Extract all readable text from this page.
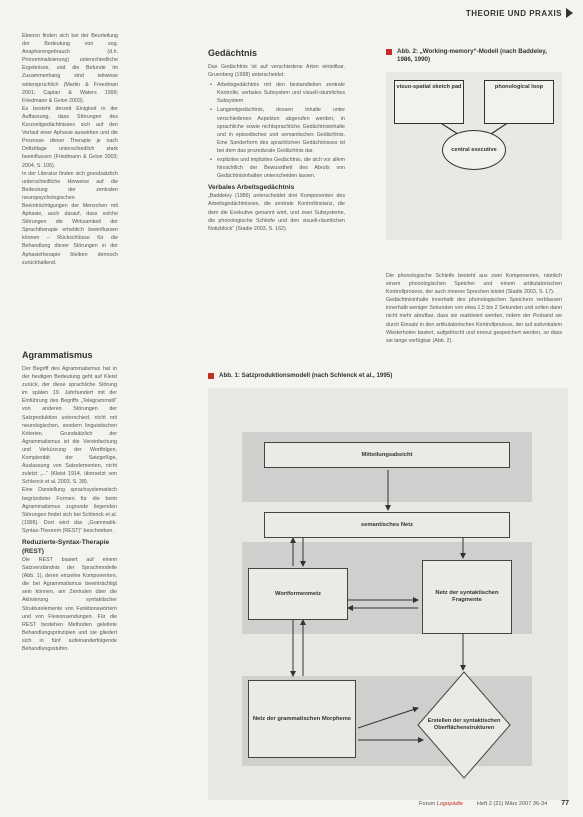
THEORIE UND PRAXIS

Ebenso finden sich bei der Beurteilung der Bedeutung von sog. Anaphorengebrauch (d.h. Pronominalisierung) unterschiedliche Ergebnisse, und die Befunde im Zusammenhang sind teilweise widersprüchlich (Martin & Freedman 2001; Caplan & Waters 1999; Friedmann & Gvion 2003).

Es besteht derzeit Einigkeit in der Auffassung, dass Störungen des Kurzzeitgedächtnisses sich auf den Verlauf einer Aphasie auswirken und die Prozesse dieser Therapie je nach Defizitlage unterschiedlich stark beeinflussen (Friedmann & Gvion 2003; 2004, S. 105).

In der Literatur finden sich grundsätzlich unterschiedliche Hinweise auf die Bedeutung der zentralen neuropsychologischen Beeinträchtigungen der Menschen mit Aphasie, auch darauf, dass solche Störungen die Wirksamkeit der Sprachtherapie erheblich beeinflussen können – Rückschlüsse für die Behandlung dieser Störungen in der Aphasietherapie bleiben dennoch zurückhaltend.

Agrammatismus

Der Begriff des Agrammatismus hat in der heutigen Bedeutung geht auf Kleist zurück, der diese sprachliche Störung im späten 19. Jahrhundert mit der Einführung des Begriffs „Telegrammstil“ von anderen Störungen der Satzproduktion unterschied, nicht mit neurologischen, sondern linguistischen Kriterien. Grundsätzlich der Agrammatismus ist die Vereinfachung und Verkürzung der Wortfolgen, Komplexität der Satzgefüge, Auslassung von Satzelementen, nicht zuletzt „...“ (Kleist 1914, übersetzt von Schlenck et al. 2003, S. 38).

Eine Darstellung sprachsystematisch begründeter Formen für die beim Agrammatismus zugrunde liegenden Störungen findet sich bei Schlenck et al. (1995). Dort wird das „Grammatik-Syntax-Theorem (REST)“ beschrieben.

Reduzierte-Syntax-Therapie (REST)

Die REST basiert auf einem Satzverständnis der Sprachmodelle (Abb. 1), deren einzelne Komponenten, die bei Agrammatismus beeinträchtigt sein können, am Zentralen über die Aktivierung syntaktischer Strukturelemente von Funktionswörtern und von Flexionsendungen. Für die REST bestehen Methoden geleitete Behandlungsprinzipien und sie gliedert sich in fünf aufeinanderfolgende Behandlungsstufen.

Gedächtnis

Das Gedächtnis ist auf verschiedene Arten einteilbar. Gruenberg (1998) unterscheidet:

• Arbeitsgedächtnis mit den bestandteilen zentrale Kontrolle, verbales Subsystem und visuell-räumliches Subsystem
• Langzeitgedächtnis, dessen Inhalte unter verschiedenen Aspekten abgerufen werden, in sprachliche sowie nichtsprachliche Gedächtnisinhalte und in episodisches und semantisches Gedächtnis. Eine Sonderform des sprachlichen Gedächtnisses ist bei dem das prozedurale Gedächtnis dar.
• explizites und implizites Gedächtnis, die sich vor allem hinsichtlich der Bewusstheit des Abrufs von Gedächtnisinhalten unterscheiden lassen.
Verbales Arbeitsgedächtnis

„Baddeley (1986) unterscheidet drei Komponenten des Arbeitsgedächtnisses, die zentrale Kontrollinstanz, die dem die Exekutive genannt wird, und zwei Subsysteme, die phonologische Schleife und den visuell-räumlichen Notizblock“ (Stadie 2003, S. 162).

Abb. 2: „Working-memory“-Modell (nach Baddeley, 1986, 1990)
visuo-spatial sketch pad	phonological loop
central executive

Die phonologische Schleife besteht aus zwei Komponenten, nämlich einem phonologischen Speicher und einem artikulatorischen Kontrollprozess, der auch inneres Sprechen leistet (Stadie 2003, S. 17).

Gedächtnisinhalte innerhalb des phonologischen Speichers verblassen innerhalb weniger Sekunden von etwa 1,5 bis 2 Sekunden und sollen dann nicht mehr abrufbar, dass sie reaktiviert werden, indem der Proband sie durch Einsatz in den artikulatorischen Kontrollprozess, der auf subvokalem Wiederholen basiert, aufgefrischt und erneut gespeichert werden, so dass sie lange verfügbar (Abb. 2).

Abb. 1: Satzproduktionsmodell (nach Schlenck et al., 1995)
Mitteilungsabsicht
semantisches Netz
Wortformenmetz	Netz der syntaktischen Fragmente
Netz der grammatischen Morpheme	Erstellen der syntaktischen Oberflächenstrukturen
Forum Logopädie	Heft 2 (21) März 2007 36-34 77
